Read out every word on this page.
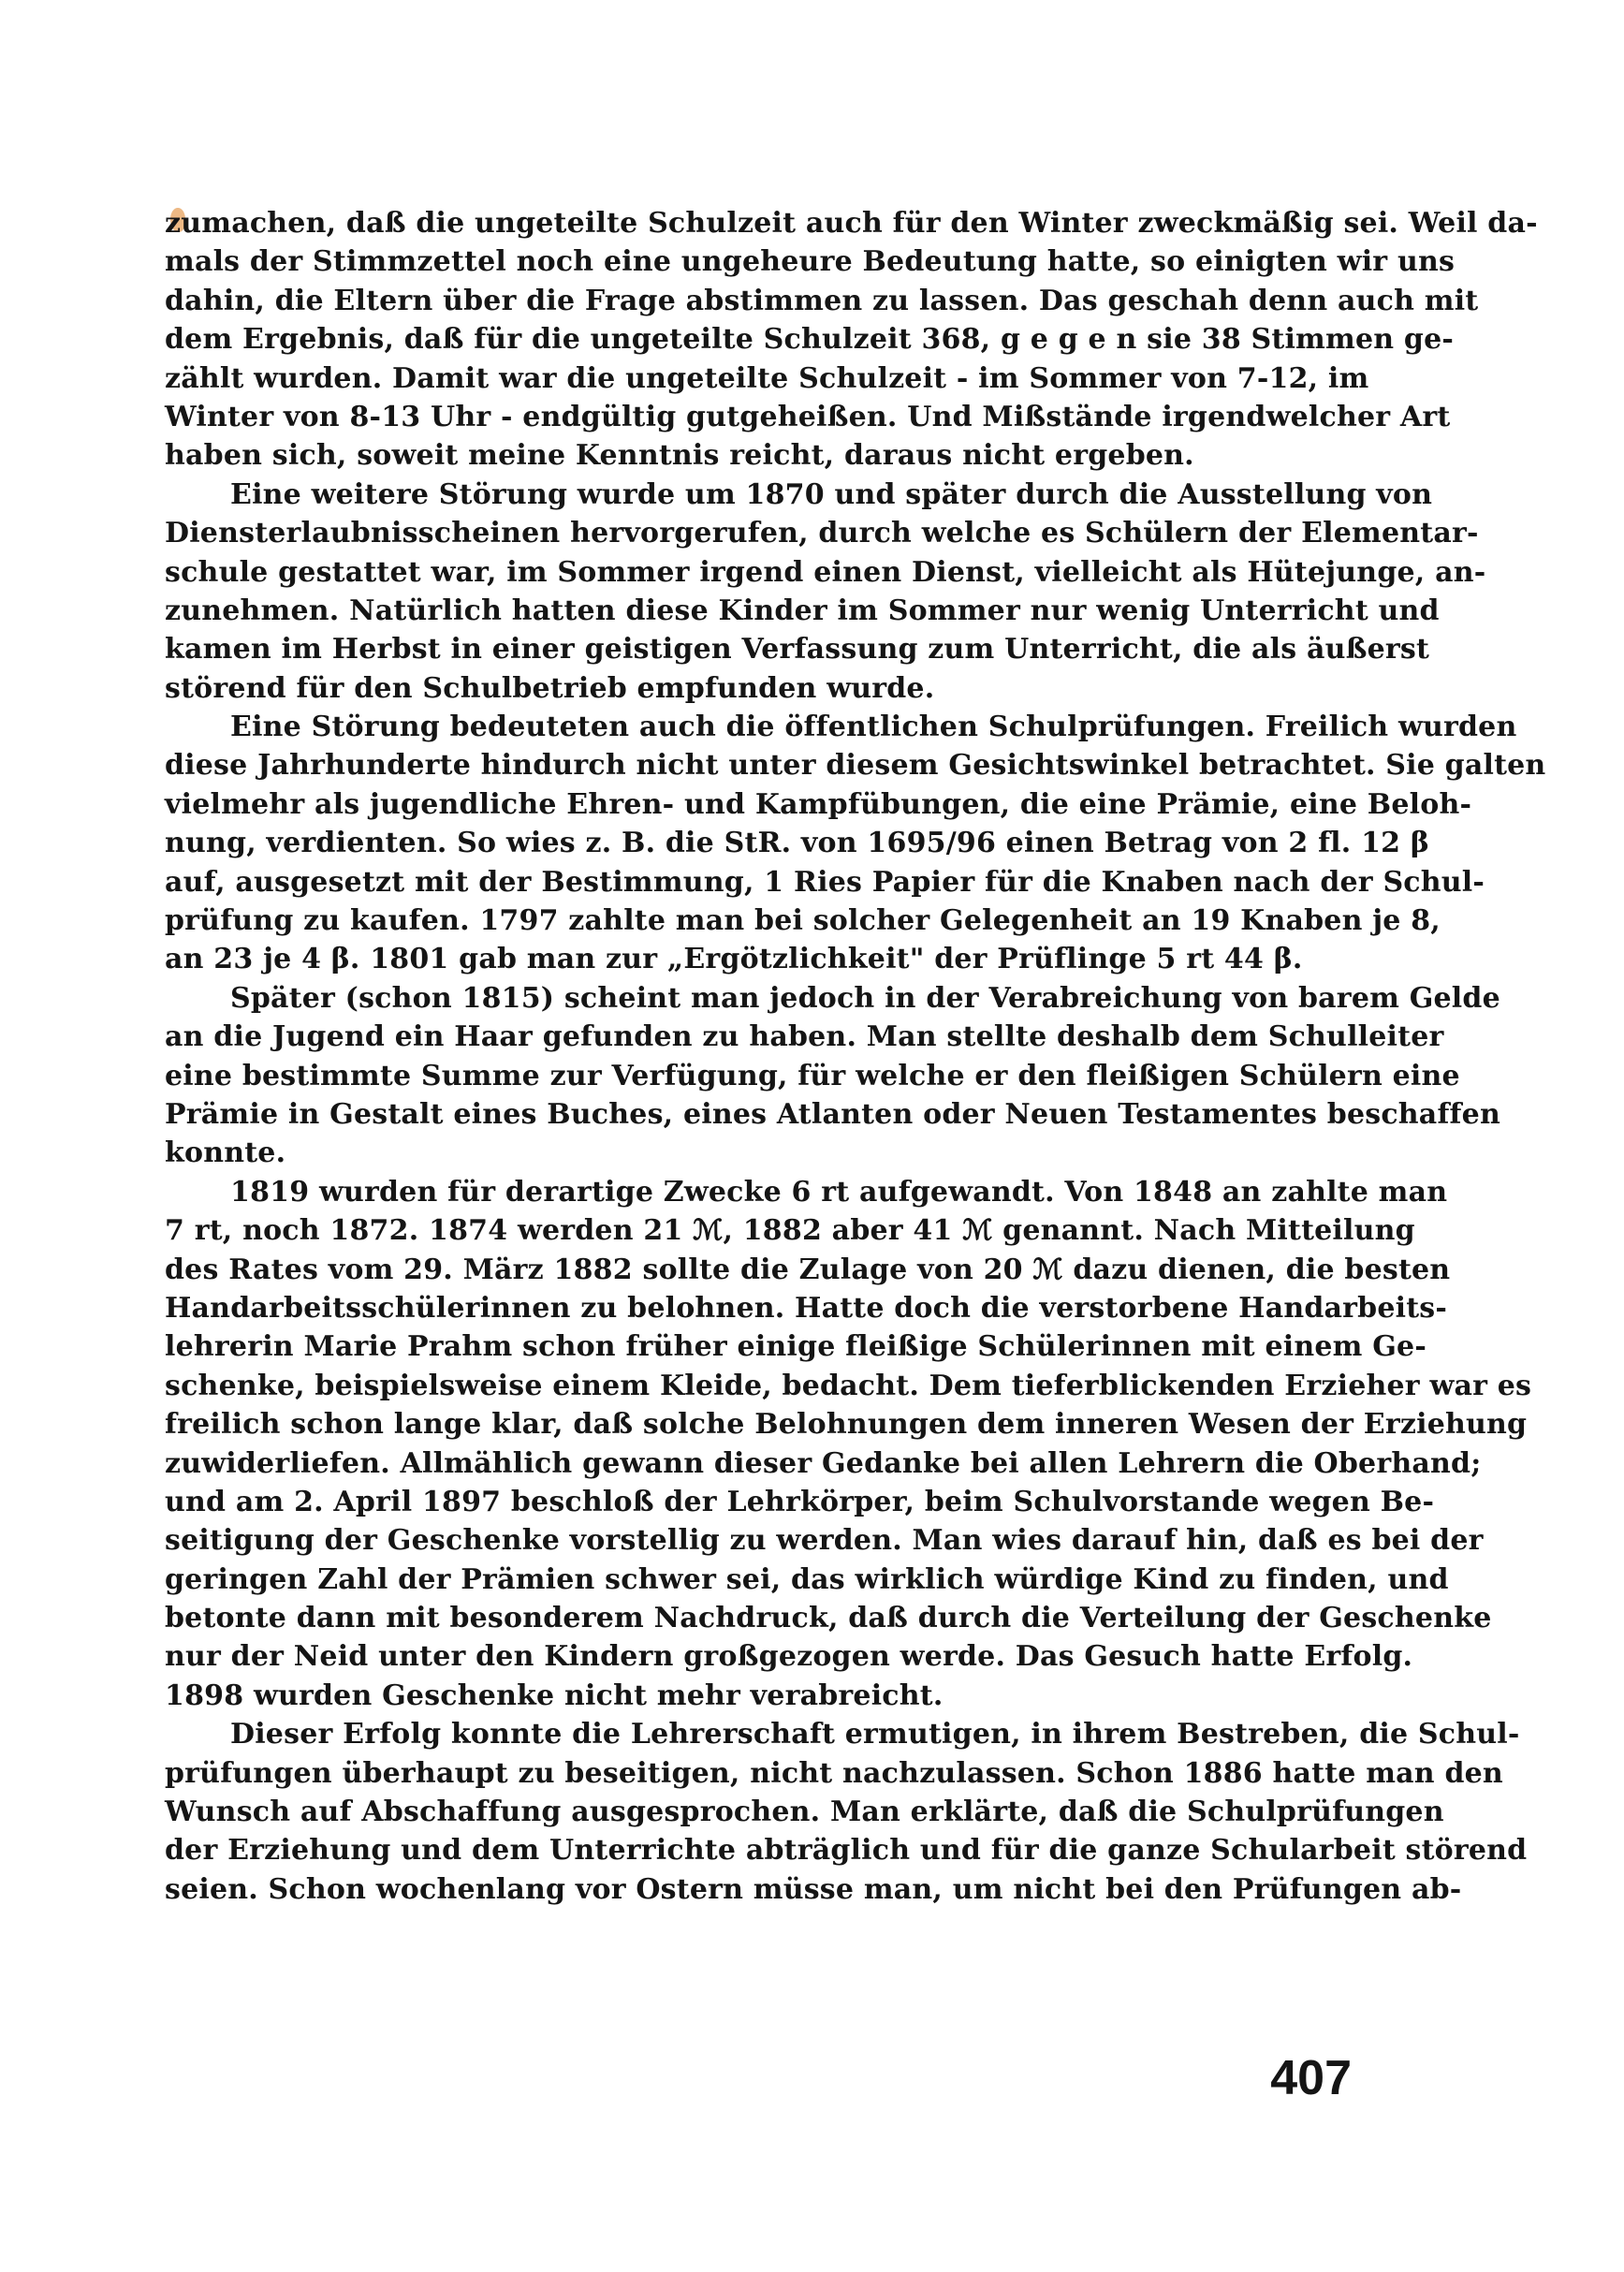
zumachen, daß die ungeteilte Schulzeit auch für den Winter zweckmäßig sei. Weil da-
mals der Stimmzettel noch eine ungeheure Bedeutung hatte, so einigten wir uns
dahin, die Eltern über die Frage abstimmen zu lassen. Das geschah denn auch mit
dem Ergebnis, daß für die ungeteilte Schulzeit 368, g e g e n sie 38 Stimmen ge-
zählt wurden. Damit war die ungeteilte Schulzeit - im Sommer von 7-12, im
Winter von 8-13 Uhr - endgültig gutgeheißen. Und Mißstände irgendwelcher Art
haben sich, soweit meine Kenntnis reicht, daraus nicht ergeben.
Eine weitere Störung wurde um 1870 und später durch die Ausstellung von
Diensterlaubnisscheinen hervorgerufen, durch welche es Schülern der Elementar-
schule gestattet war, im Sommer irgend einen Dienst, vielleicht als Hütejunge, an-
zunehmen. Natürlich hatten diese Kinder im Sommer nur wenig Unterricht und
kamen im Herbst in einer geistigen Verfassung zum Unterricht, die als äußerst
störend für den Schulbetrieb empfunden wurde.
Eine Störung bedeuteten auch die öffentlichen Schulprüfungen. Freilich wurden
diese Jahrhunderte hindurch nicht unter diesem Gesichtswinkel betrachtet. Sie galten
vielmehr als jugendliche Ehren- und Kampfübungen, die eine Prämie, eine Beloh-
nung, verdienten. So wies z. B. die StR. von 1695/96 einen Betrag von 2 fl. 12 β
auf, ausgesetzt mit der Bestimmung, 1 Ries Papier für die Knaben nach der Schul-
prüfung zu kaufen. 1797 zahlte man bei solcher Gelegenheit an 19 Knaben je 8,
an 23 je 4 β. 1801 gab man zur „Ergötzlichkeit" der Prüflinge 5 rt 44 β.
Später (schon 1815) scheint man jedoch in der Verabreichung von barem Gelde
an die Jugend ein Haar gefunden zu haben. Man stellte deshalb dem Schulleiter
eine bestimmte Summe zur Verfügung, für welche er den fleißigen Schülern eine
Prämie in Gestalt eines Buches, eines Atlanten oder Neuen Testamentes beschaffen
konnte.
1819 wurden für derartige Zwecke 6 rt aufgewandt. Von 1848 an zahlte man
7 rt, noch 1872. 1874 werden 21 ℳ, 1882 aber 41 ℳ genannt. Nach Mitteilung
des Rates vom 29. März 1882 sollte die Zulage von 20 ℳ dazu dienen, die besten
Handarbeitsschülerinnen zu belohnen. Hatte doch die verstorbene Handarbeits-
lehrerin Marie Prahm schon früher einige fleißige Schülerinnen mit einem Ge-
schenke, beispielsweise einem Kleide, bedacht. Dem tieferblickenden Erzieher war es
freilich schon lange klar, daß solche Belohnungen dem inneren Wesen der Erziehung
zuwiderliefen. Allmählich gewann dieser Gedanke bei allen Lehrern die Oberhand;
und am 2. April 1897 beschloß der Lehrkörper, beim Schulvorstande wegen Be-
seitigung der Geschenke vorstellig zu werden. Man wies darauf hin, daß es bei der
geringen Zahl der Prämien schwer sei, das wirklich würdige Kind zu finden, und
betonte dann mit besonderem Nachdruck, daß durch die Verteilung der Geschenke
nur der Neid unter den Kindern großgezogen werde. Das Gesuch hatte Erfolg.
1898 wurden Geschenke nicht mehr verabreicht.
Dieser Erfolg konnte die Lehrerschaft ermutigen, in ihrem Bestreben, die Schul-
prüfungen überhaupt zu beseitigen, nicht nachzulassen. Schon 1886 hatte man den
Wunsch auf Abschaffung ausgesprochen. Man erklärte, daß die Schulprüfungen
der Erziehung und dem Unterrichte abträglich und für die ganze Schularbeit störend
seien. Schon wochenlang vor Ostern müsse man, um nicht bei den Prüfungen ab-
407
